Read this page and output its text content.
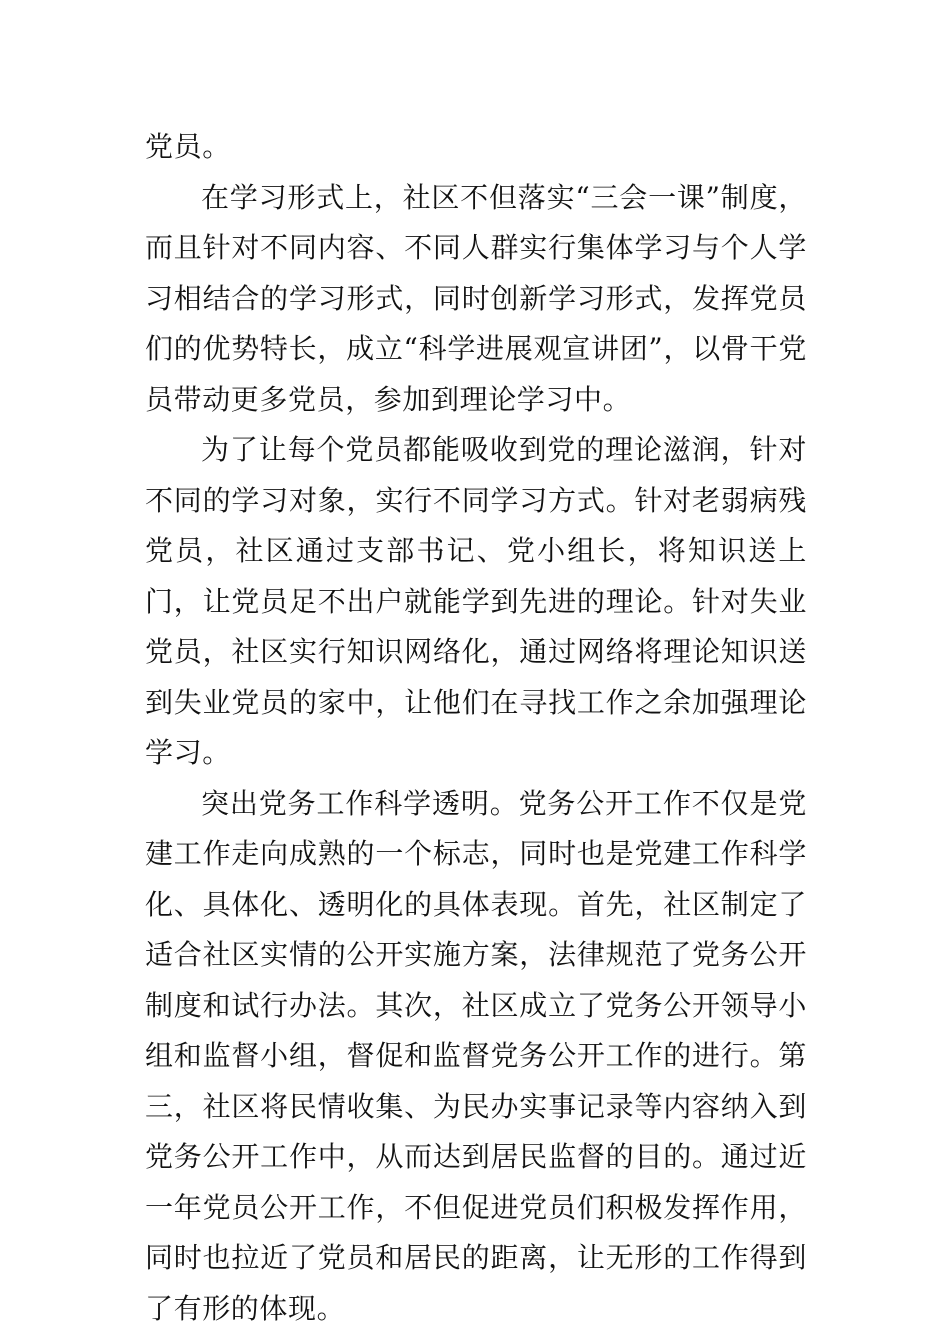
党员。

在学习形式上，社区不但落实“三会一课”制度，而且针对不同内容、不同人群实行集体学习与个人学习相结合的学习形式，同时创新学习形式，发挥党员们的优势特长，成立“科学进展观宣讲团”，以骨干党员带动更多党员，参加到理论学习中。

为了让每个党员都能吸收到党的理论滋润，针对不同的学习对象，实行不同学习方式。针对老弱病残党员，社区通过支部书记、党小组长，将知识送上门，让党员足不出户就能学到先进的理论。针对失业党员，社区实行知识网络化，通过网络将理论知识送到失业党员的家中，让他们在寻找工作之余加强理论学习。

突出党务工作科学透明。党务公开工作不仅是党建工作走向成熟的一个标志，同时也是党建工作科学化、具体化、透明化的具体表现。首先，社区制定了适合社区实情的公开实施方案，法律规范了党务公开制度和试行办法。其次，社区成立了党务公开领导小组和监督小组，督促和监督党务公开工作的进行。第三，社区将民情收集、为民办实事记录等内容纳入到党务公开工作中，从而达到居民监督的目的。通过近一年党员公开工作，不但促进党员们积极发挥作用，同时也拉近了党员和居民的距离，让无形的工作得到了有形的体现。
